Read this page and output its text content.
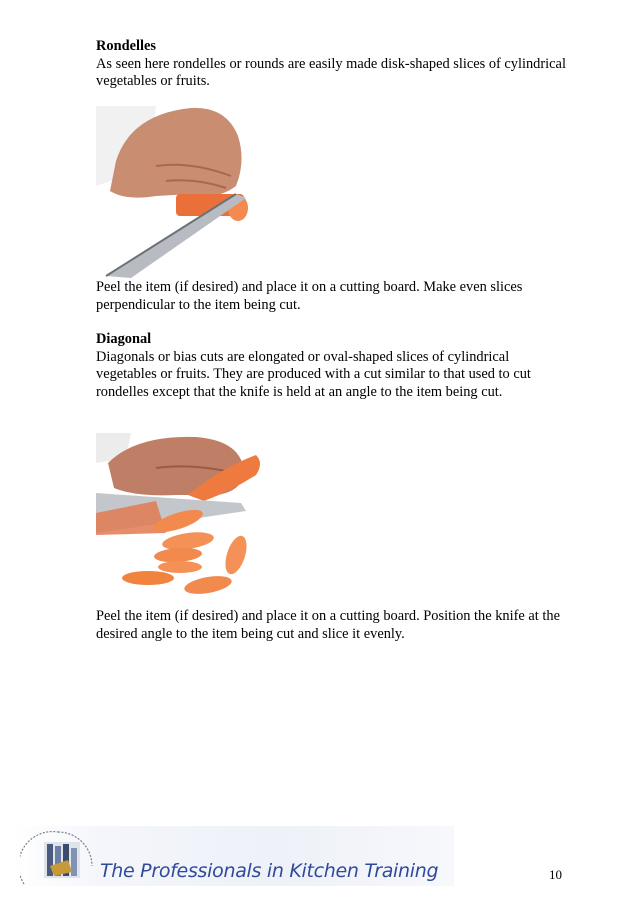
Rondelles
As seen here rondelles or rounds are easily made disk-shaped slices of cylindrical vegetables or fruits.
Peel the item (if desired) and place it on a cutting board. Make even slices perpendicular to the item being cut.
Diagonal
Diagonals or bias cuts are elongated or oval-shaped slices of cylindrical vegetables or fruits. They are produced with a cut similar to that used to cut rondelles except that the knife is held at an angle to the item being cut.
Peel the item (if desired) and place it on a cutting board. Position the knife at the desired angle to the item being cut and slice it evenly.
The Professionals in Kitchen Training	10
